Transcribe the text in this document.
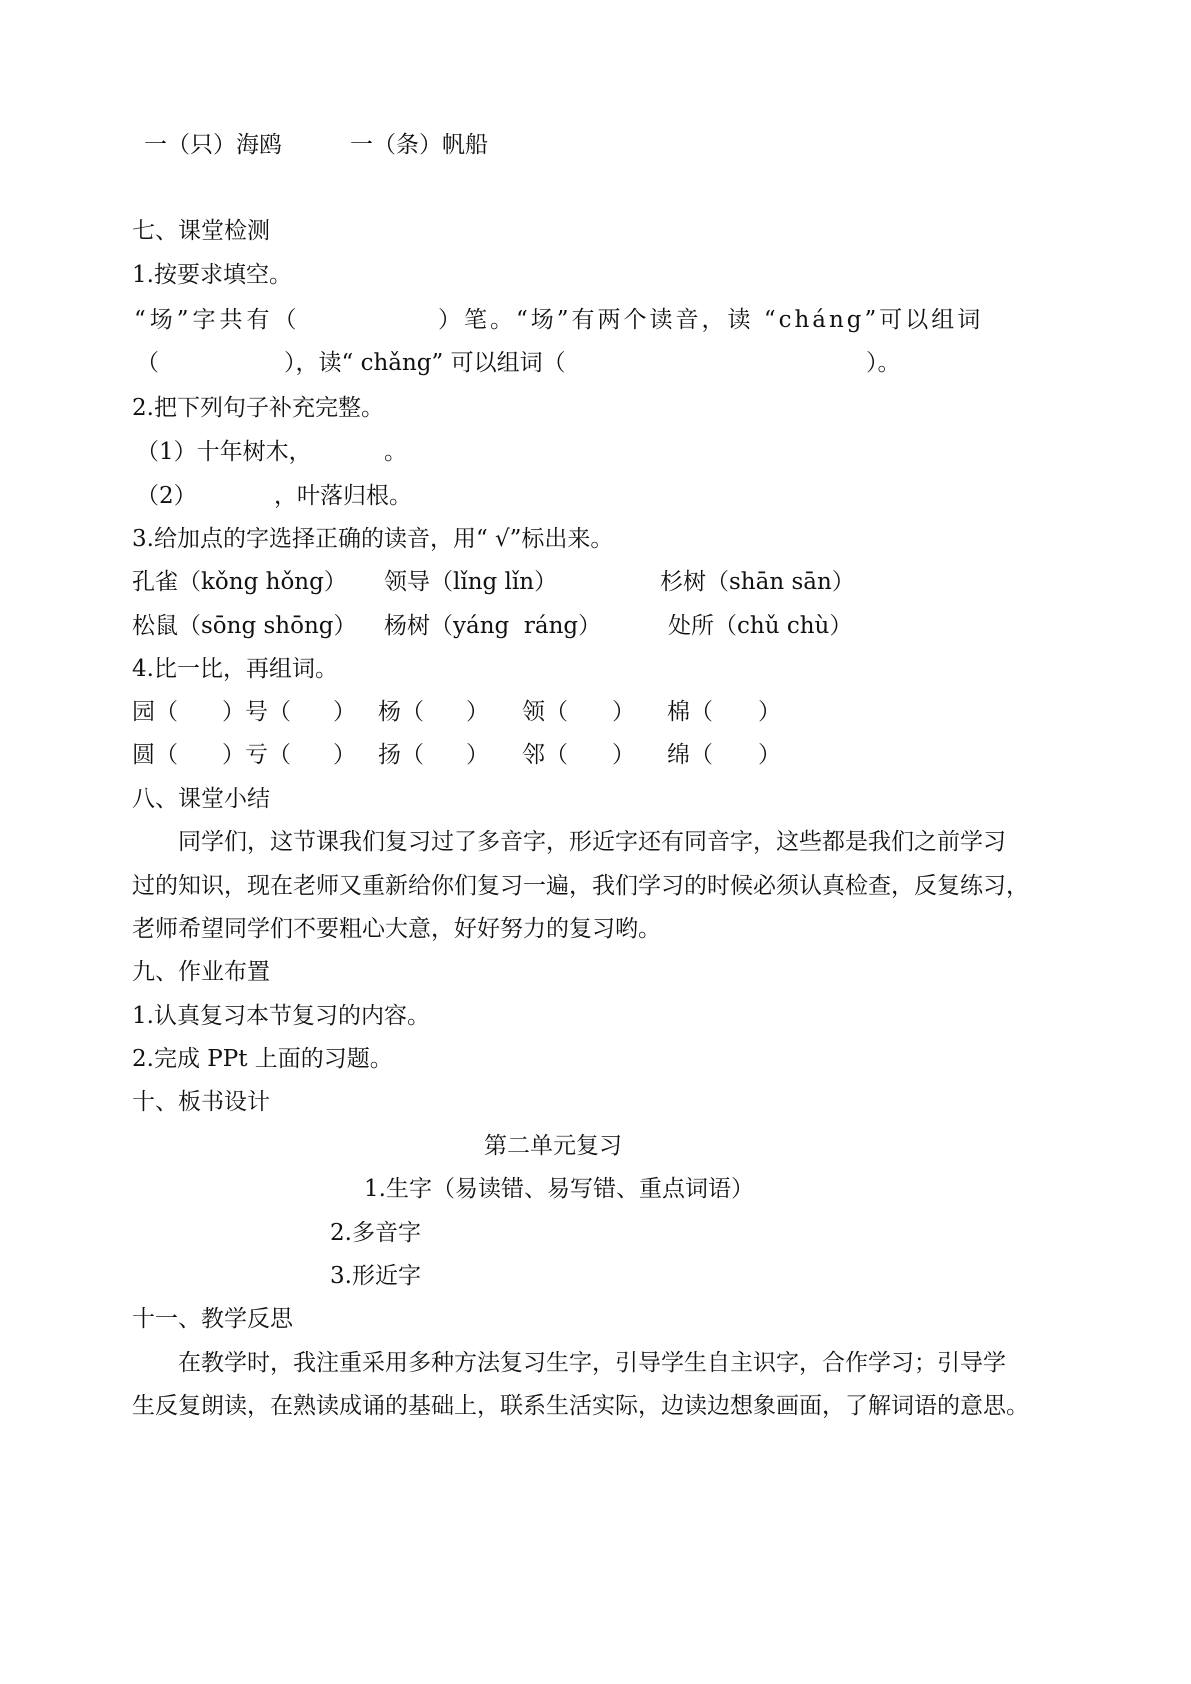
一（只）海鸥	一（条）帆船
七、课堂检测
1.按要求填空。
“场”字共有（	）笔。“场”有两个读音，读 “cháng”可以组词
（	），读“ chǎng” 可以组词（	）。
2.把下列句子补充完整。
（1）十年树木，	。
（2）	，叶落归根。
3.给加点的字选择正确的读音，用“ √”标出来。
孔雀（kǒng hǒng） 领导（lǐng lǐn）	杉树（shān sān）
松鼠（sōng shōng） 杨树（yáng  ráng）	处所（chǔ chù）
4.比一比，再组词。
园（ ）号（ ） 杨（ ） 领（ ） 棉（ ）
圆（ ）亏（ ） 扬（ ） 邻（ ） 绵（ ）
八、课堂小结
同学们，这节课我们复习过了多音字，形近字还有同音字，这些都是我们之前学习
过的知识，现在老师又重新给你们复习一遍，我们学习的时候必须认真检查，反复练习，
老师希望同学们不要粗心大意，好好努力的复习哟。
九、作业布置
1.认真复习本节复习的内容。
2.完成 PPt 上面的习题。
十、板书设计
第二单元复习
1.生字（易读错、易写错、重点词语）
2.多音字
3.形近字
十一、教学反思
在教学时，我注重采用多种方法复习生字，引导学生自主识字，合作学习；引导学
生反复朗读，在熟读成诵的基础上，联系生活实际，边读边想象画面，了解词语的意思。
